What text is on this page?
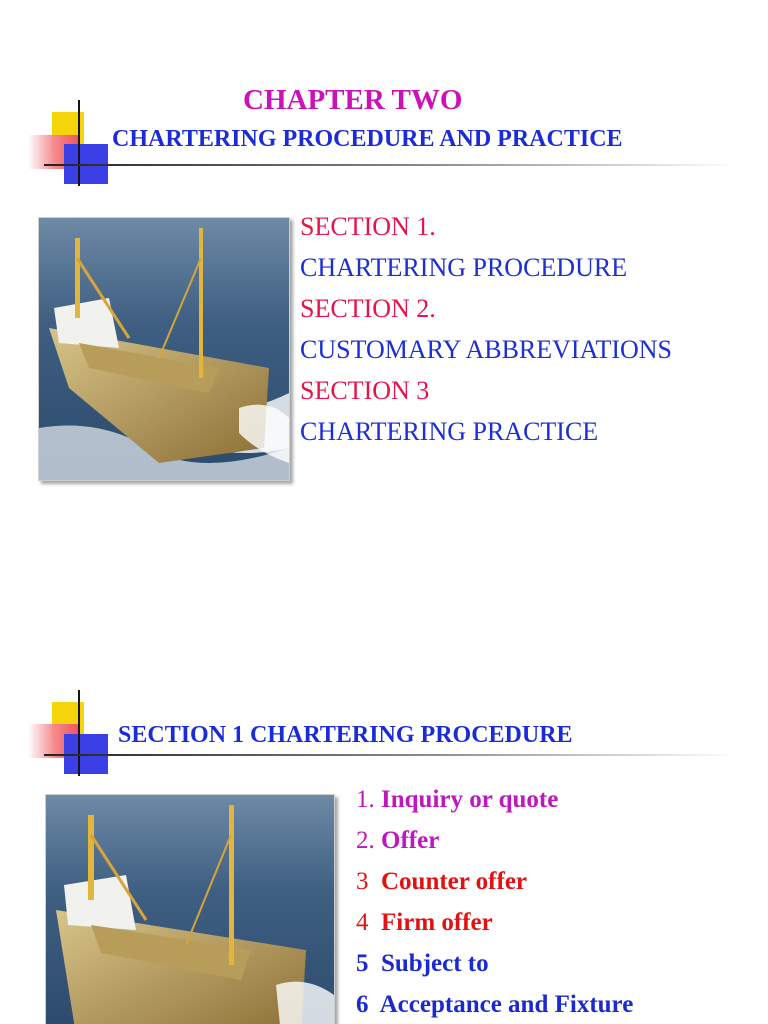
CHAPTER TWO
CHARTERING PROCEDURE AND PRACTICE
SECTION 1.
CHARTERING PROCEDURE
SECTION 2.
CUSTOMARY ABBREVIATIONS
SECTION 3
CHARTERING PRACTICE
SECTION 1 CHARTERING PROCEDURE
1. Inquiry or quote
2. Offer
3 Counter offer
4 Firm offer
5 Subject to
6 Acceptance and Fixture
